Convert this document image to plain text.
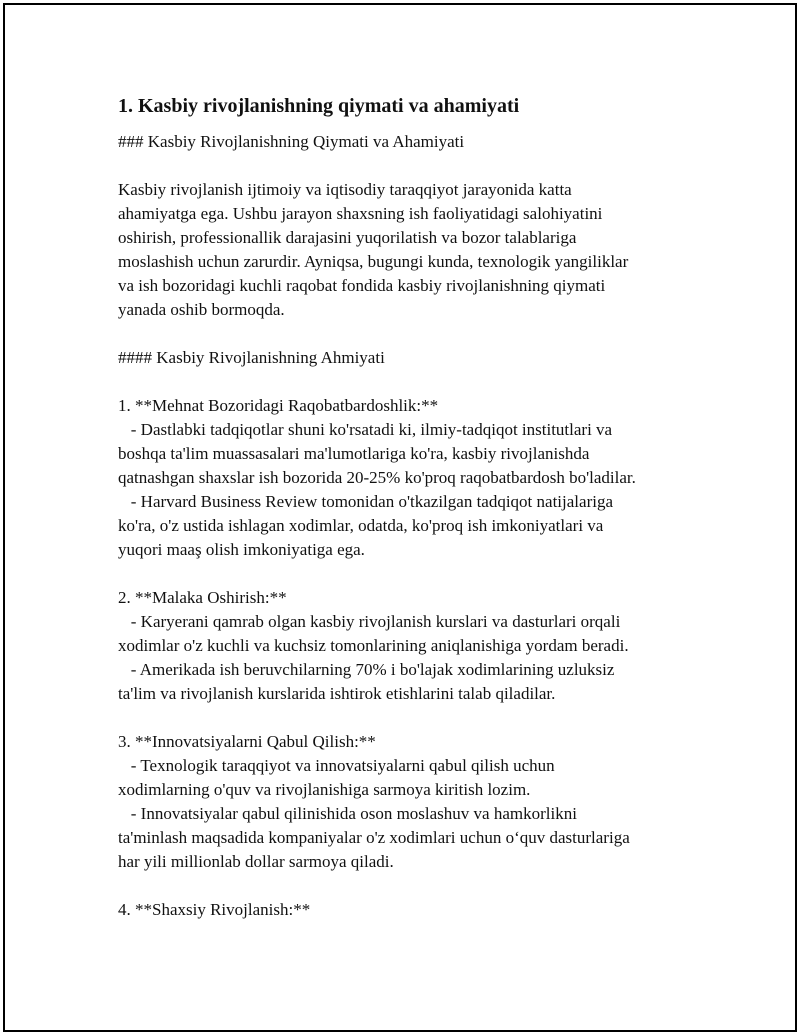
1. Kasbiy rivojlanishning qiymati va ahamiyati
### Kasbiy Rivojlanishning Qiymati va Ahamiyati
Kasbiy rivojlanish ijtimoiy va iqtisodiy taraqqiyot jarayonida katta
ahamiyatga ega. Ushbu jarayon shaxsning ish faoliyatidagi salohiyatini
oshirish, professionallik darajasini yuqorilatish va bozor talablariga
moslashish uchun zarurdir. Ayniqsa, bugungi kunda, texnologik yangiliklar
va ish bozoridagi kuchli raqobat fondida kasbiy rivojlanishning qiymati
yanada oshib bormoqda.
#### Kasbiy Rivojlanishning Ahmiyati
1. **Mehnat Bozoridagi Raqobatbardoshlik:**
- Dastlabki tadqiqotlar shuni ko'rsatadi ki, ilmiy-tadqiqot institutlari va
boshqa ta'lim muassasalari ma'lumotlariga ko'ra, kasbiy rivojlanishda
qatnashgan shaxslar ish bozorida 20-25% ko'proq raqobatbardosh bo'ladilar.
- Harvard Business Review tomonidan o'tkazilgan tadqiqot natijalariga
ko'ra, o'z ustida ishlagan xodimlar, odatda, ko'proq ish imkoniyatlari va
yuqori maaş olish imkoniyatiga ega.
2. **Malaka Oshirish:**
- Karyerani qamrab olgan kasbiy rivojlanish kurslari va dasturlari orqali
xodimlar o'z kuchli va kuchsiz tomonlarining aniqlanishiga yordam beradi.
- Amerikada ish beruvchilarning 70% i bo'lajak xodimlarining uzluksiz
ta'lim va rivojlanish kurslarida ishtirok etishlarini talab qiladilar.
3. **Innovatsiyalarni Qabul Qilish:**
- Texnologik taraqqiyot va innovatsiyalarni qabul qilish uchun
xodimlarning o'quv va rivojlanishiga sarmoya kiritish lozim.
- Innovatsiyalar qabul qilinishida oson moslashuv va hamkorlikni
ta'minlash maqsadida kompaniyalar o'z xodimlari uchun o‘quv dasturlariga
har yili millionlab dollar sarmoya qiladi.
4. **Shaxsiy Rivojlanish:**
